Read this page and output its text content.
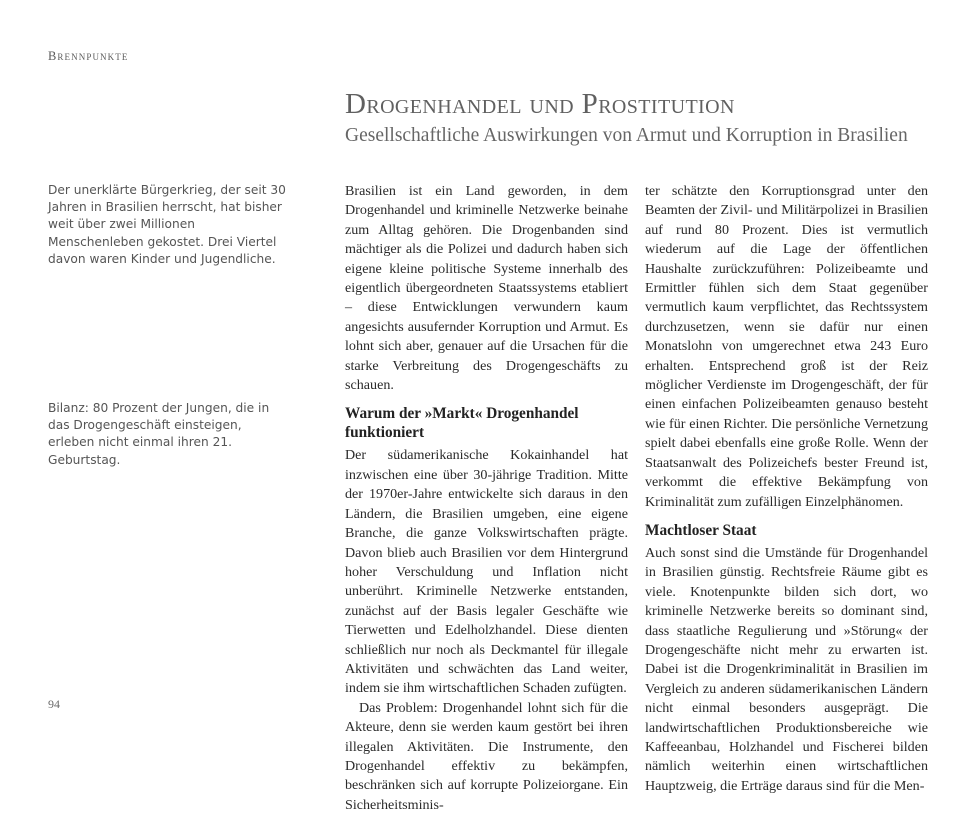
Brennpunkte
Drogenhandel und Prostitution
Gesellschaftliche Auswirkungen von Armut und Korruption in Brasilien
Der unerklärte Bürgerkrieg, der seit 30 Jahren in Brasilien herrscht, hat bisher weit über zwei Millionen Menschenleben gekostet. Drei Viertel davon waren Kinder und Jugendliche.
Bilanz: 80 Prozent der Jungen, die in das Drogengeschäft einsteigen, erleben nicht einmal ihren 21. Geburtstag.

Brasilien ist ein Land geworden, in dem Drogenhandel und kriminelle Netzwerke beinahe zum Alltag gehören. Die Drogenbanden sind mächtiger als die Polizei und dadurch haben sich eigene kleine politische Systeme innerhalb des eigentlich übergeordneten Staatssystems etabliert – diese Entwicklungen verwundern kaum angesichts ausufernder Korruption und Armut. Es lohnt sich aber, genauer auf die Ursachen für die starke Verbreitung des Drogengeschäfts zu schauen.

Warum der »Markt« Drogenhandel funktioniert

Der südamerikanische Kokainhandel hat inzwischen eine über 30-jährige Tradition. Mitte der 1970er-Jahre entwickelte sich daraus in den Ländern, die Brasilien umgeben, eine eigene Branche, die ganze Volkswirtschaften prägte. Davon blieb auch Brasilien vor dem Hintergrund hoher Verschuldung und Inflation nicht unberührt. Kriminelle Netzwerke entstanden, zunächst auf der Basis legaler Geschäfte wie Tierwetten und Edelholzhandel. Diese dienten schließlich nur noch als Deckmantel für illegale Aktivitäten und schwächten das Land weiter, indem sie ihm wirtschaftlichen Schaden zufügten.

Das Problem: Drogenhandel lohnt sich für die Akteure, denn sie werden kaum gestört bei ihren illegalen Aktivitäten. Die Instrumente, den Drogenhandel effektiv zu bekämpfen, beschränken sich auf korrupte Polizeiorgane. Ein Sicherheitsminis-

ter schätzte den Korruptionsgrad unter den Beamten der Zivil- und Militärpolizei in Brasilien auf rund 80 Prozent. Dies ist vermutlich wiederum auf die Lage der öffentlichen Haushalte zurückzuführen: Polizeibeamte und Ermittler fühlen sich dem Staat gegenüber vermutlich kaum verpflichtet, das Rechtssystem durchzusetzen, wenn sie dafür nur einen Monatslohn von umgerechnet etwa 243 Euro erhalten. Entsprechend groß ist der Reiz möglicher Verdienste im Drogengeschäft, der für einen einfachen Polizeibeamten genauso besteht wie für einen Richter. Die persönliche Vernetzung spielt dabei ebenfalls eine große Rolle. Wenn der Staatsanwalt des Polizeichefs bester Freund ist, verkommt die effektive Bekämpfung von Kriminalität zum zufälligen Einzelphänomen.

Machtloser Staat

Auch sonst sind die Umstände für Drogenhandel in Brasilien günstig. Rechtsfreie Räume gibt es viele. Knotenpunkte bilden sich dort, wo kriminelle Netzwerke bereits so dominant sind, dass staatliche Regulierung und »Störung« der Drogengeschäfte nicht mehr zu erwarten ist. Dabei ist die Drogenkriminalität in Brasilien im Vergleich zu anderen südamerikanischen Ländern nicht einmal besonders ausgeprägt. Die landwirtschaftlichen Produktionsbereiche wie Kaffeeanbau, Holzhandel und Fischerei bilden nämlich weiterhin einen wirtschaftlichen Hauptzweig, die Erträge daraus sind für die Men-

94
